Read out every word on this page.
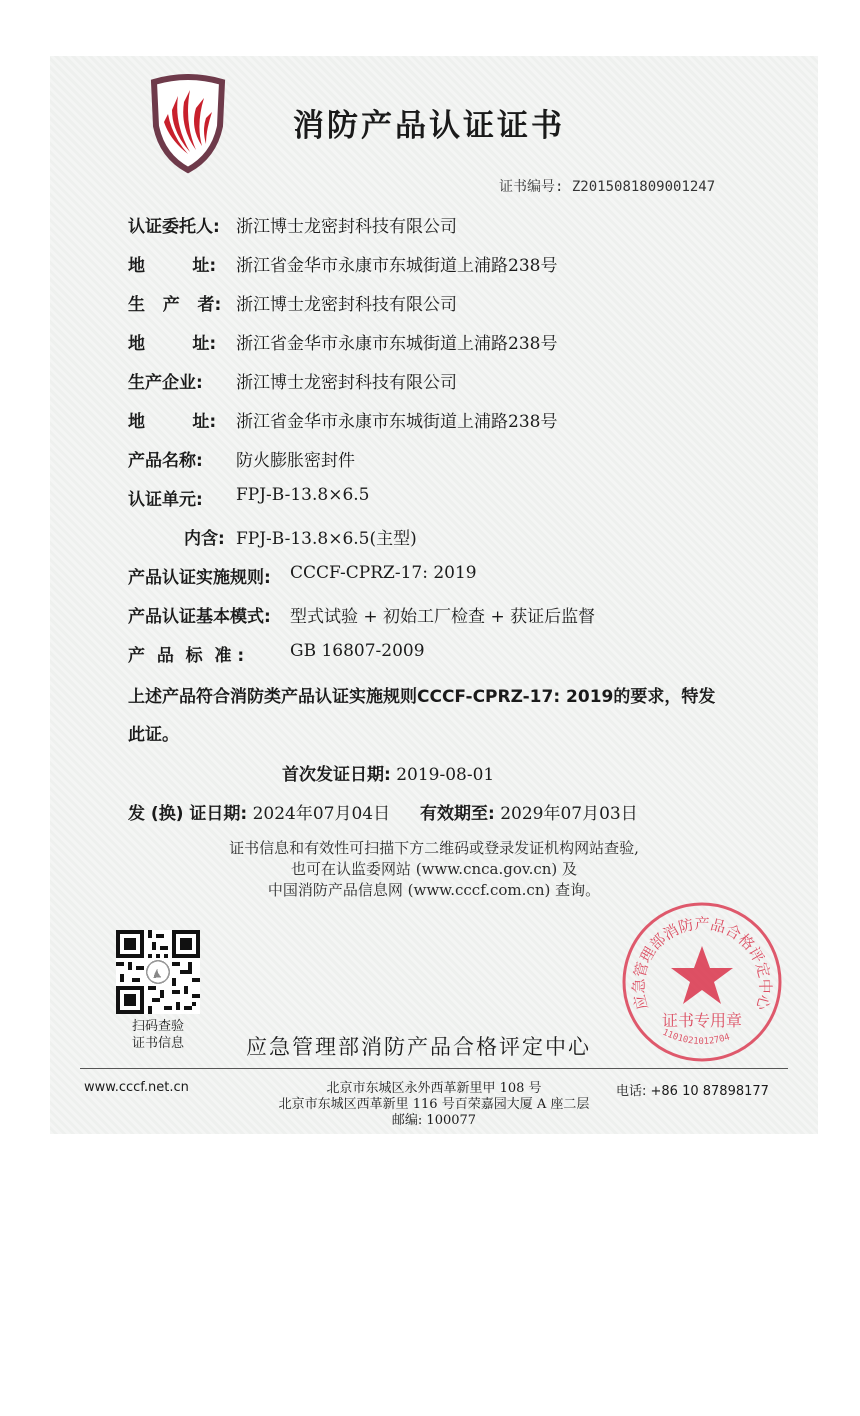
消防产品认证证书
证书编号: Z2015081809001247
认证委托人: 浙江博士龙密封科技有限公司
地        址: 浙江省金华市永康市东城街道上浦路238号
生   产   者: 浙江博士龙密封科技有限公司
地        址: 浙江省金华市永康市东城街道上浦路238号
生产企业: 浙江博士龙密封科技有限公司
地        址: 浙江省金华市永康市东城街道上浦路238号
产品名称: 防火膨胀密封件
认证单元: FPJ-B-13.8×6.5
内含: FPJ-B-13.8×6.5(主型)
产品认证实施规则: CCCF-CPRZ-17: 2019
产品认证基本模式: 型式试验 + 初始工厂检查 + 获证后监督
产  品  标  准 :	GB 16807-2009
上述产品符合消防类产品认证实施规则CCCF-CPRZ-17: 2019的要求，特发
此证。
首次发证日期: 2019-08-01
发 (换) 证日期: 2024年07月04日 有效期至: 2029年07月03日
证书信息和有效性可扫描下方二维码或登录发证机构网站查验,
也可在认监委网站 (www.cnca.gov.cn) 及
中国消防产品信息网 (www.cccf.com.cn) 查询。
扫码查验
证书信息	应急管理部消防产品合格评定中心
应急管理部消防产品合格评定中心
证书专用章
1101021012704
www.cccf.net.cn	北京市东城区永外西革新里甲 108 号
北京市东城区西革新里 116 号百荣嘉园大厦 A 座二层
邮编: 100077
电话: +86 10 87898177
